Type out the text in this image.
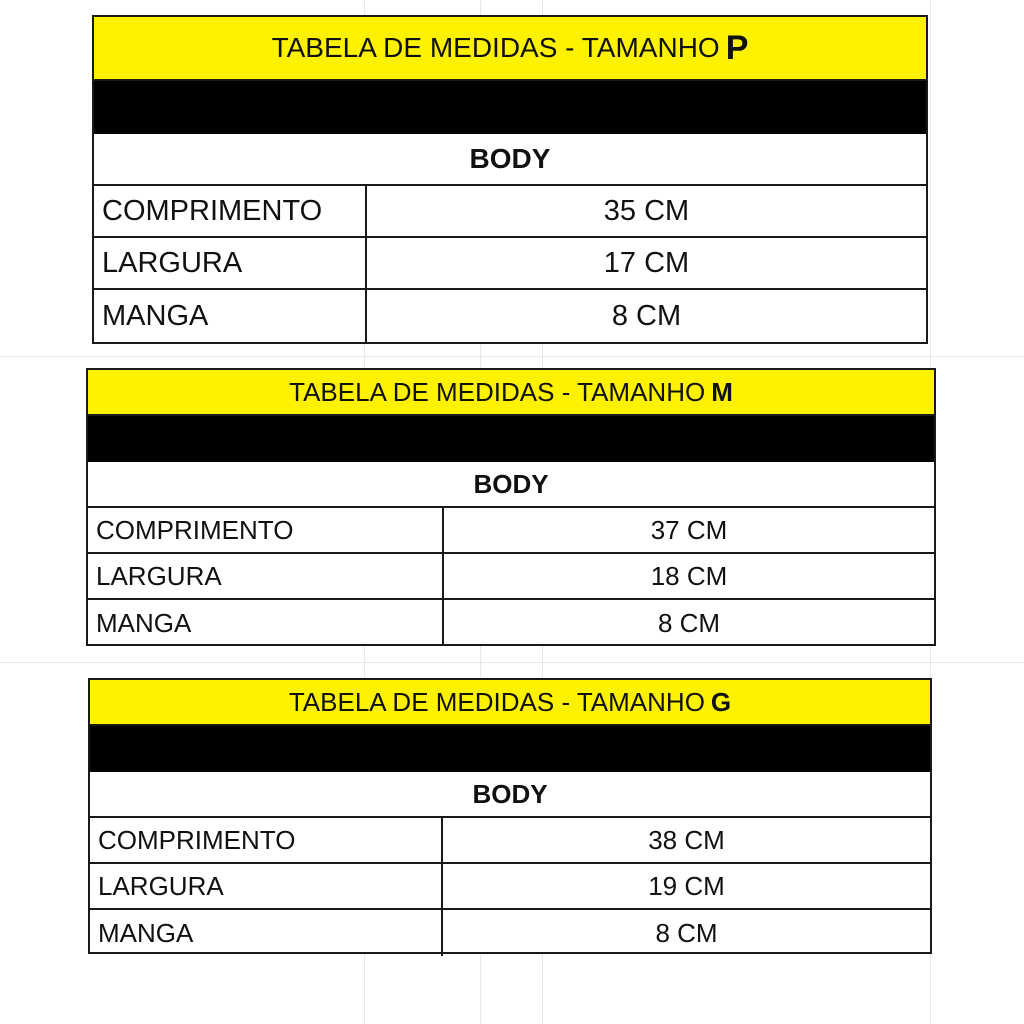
TABELA DE MEDIDAS - TAMANHO P
BODY
COMPRIMENTO	35 CM
LARGURA	17 CM
MANGA	8 CM
TABELA DE MEDIDAS - TAMANHO M
BODY
COMPRIMENTO	37 CM
LARGURA	18 CM
MANGA	8 CM
TABELA DE MEDIDAS - TAMANHO G
BODY
COMPRIMENTO	38 CM
LARGURA	19 CM
MANGA	8 CM
